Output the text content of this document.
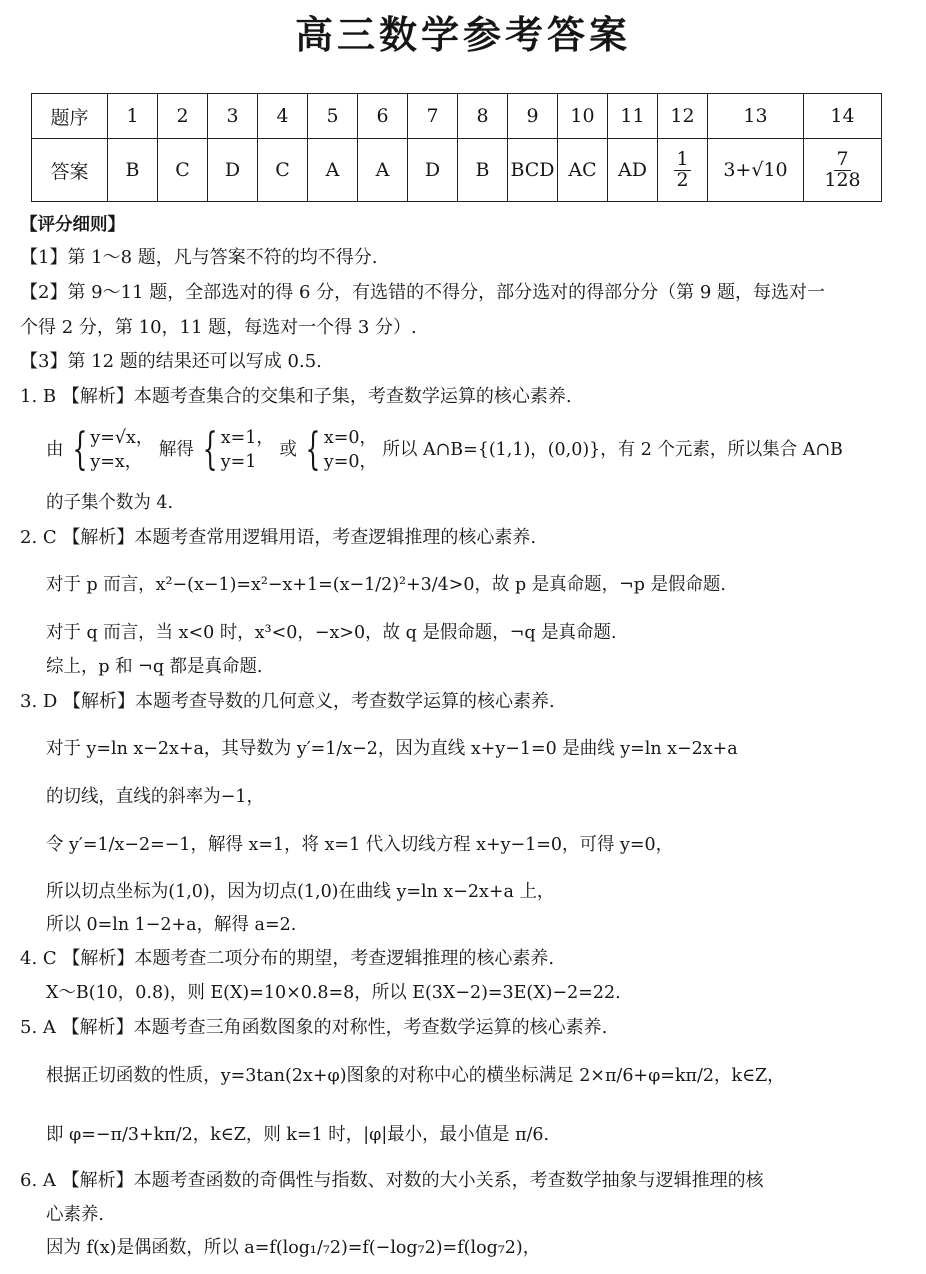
高三数学参考答案
题序	1	2	3	4	5	6	7	8	9	10	11	12	13	14
答案	B	C	D	C	A	A	D	B	BCD	AC	AD	$\frac{1}{2}$	3+√10	$\frac{7}{128}$
【评分细则】
【1】第 1～8 题，凡与答案不符的均不得分.
【2】第 9～11 题，全部选对的得 6 分，有选错的不得分，部分选对的得部分分（第 9 题，每选对一
个得 2 分，第 10，11 题，每选对一个得 3 分）.
【3】第 12 题的结果还可以写成 0.5.
1. B 【解析】本题考查集合的交集和子集，考查数学运算的核心素养.
由 { y=√x，
y=x，
解得 { x=1，
y=1
或 { x=0，
y=0，
所以 A∩B={(1,1)，(0,0)}，有 2 个元素，所以集合 A∩B
的子集个数为 4.
2. C 【解析】本题考查常用逻辑用语，考查逻辑推理的核心素养.
对于 p 而言，x²−(x−1)=x²−x+1=(x−1/2)²+3/4>0，故 p 是真命题，¬p 是假命题.
对于 q 而言，当 x<0 时，x³<0，−x>0，故 q 是假命题，¬q 是真命题.
综上，p 和 ¬q 都是真命题.
3. D 【解析】本题考查导数的几何意义，考查数学运算的核心素养.
对于 y=ln x−2x+a，其导数为 y′=1/x−2，因为直线 x+y−1=0 是曲线 y=ln x−2x+a
的切线，直线的斜率为−1，
令 y′=1/x−2=−1，解得 x=1，将 x=1 代入切线方程 x+y−1=0，可得 y=0，
所以切点坐标为(1,0)，因为切点(1,0)在曲线 y=ln x−2x+a 上，
所以 0=ln 1−2+a，解得 a=2.
4. C 【解析】本题考查二项分布的期望，考查逻辑推理的核心素养.
X～B(10，0.8)，则 E(X)=10×0.8=8，所以 E(3X−2)=3E(X)−2=22.
5. A 【解析】本题考查三角函数图象的对称性，考查数学运算的核心素养.
根据正切函数的性质，y=3tan(2x+φ)图象的对称中心的横坐标满足 2×π/6+φ=kπ/2，k∈Z，
即 φ=−π/3+kπ/2，k∈Z，则 k=1 时，|φ|最小，最小值是 π/6.
6. A 【解析】本题考查函数的奇偶性与指数、对数的大小关系，考查数学抽象与逻辑推理的核
心素养.
因为 f(x)是偶函数，所以 a=f(log₁/₇2)=f(−log₇2)=f(log₇2)，
